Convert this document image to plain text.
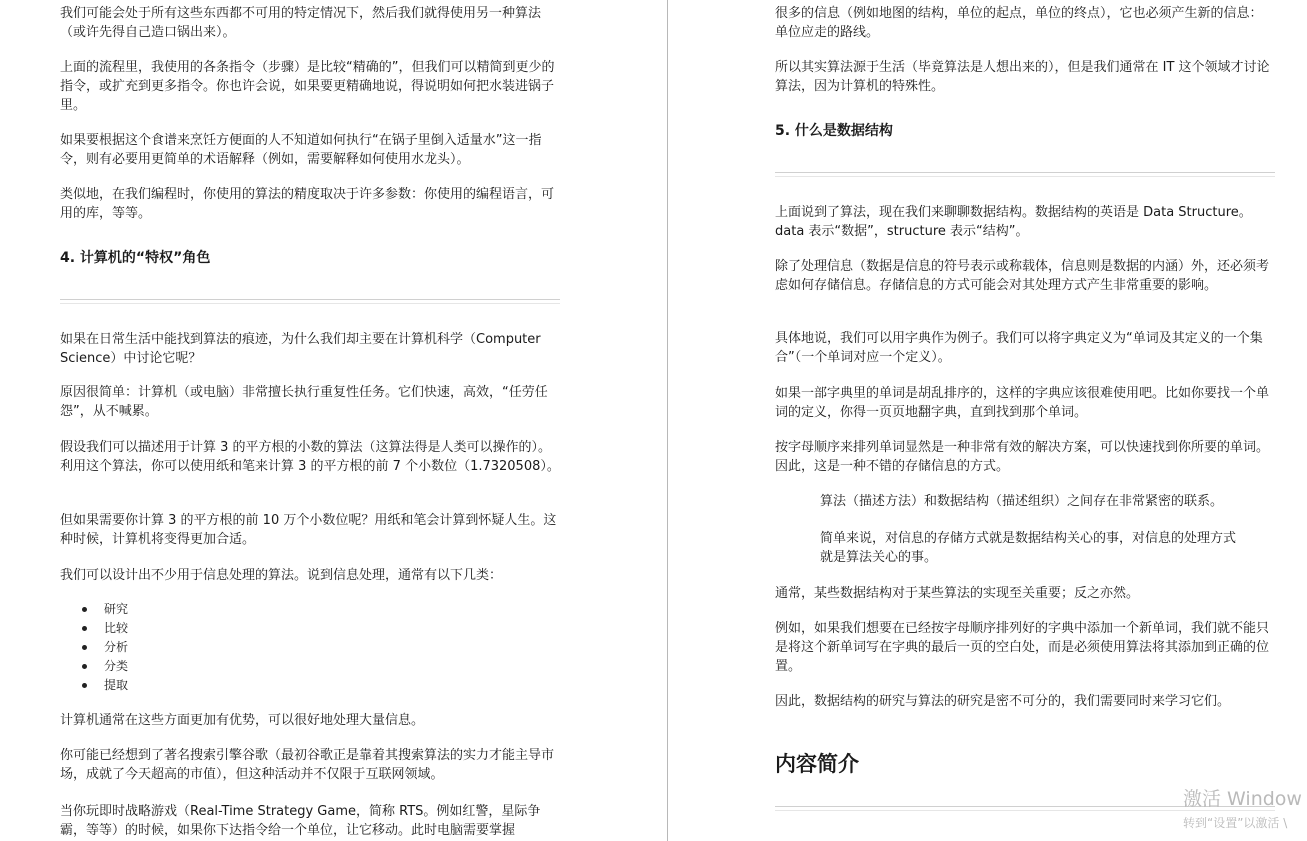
我们可能会处于所有这些东西都不可用的特定情况下，然后我们就得使用另一种算法（或许先得自己造口锅出来）。

上面的流程里，我使用的各条指令（步骤）是比较“精确的”，但我们可以精简到更少的指令，或扩充到更多指令。你也许会说，如果要更精确地说，得说明如何把水装进锅子里。

如果要根据这个食谱来烹饪方便面的人不知道如何执行“在锅子里倒入适量水”这一指令，则有必要用更简单的术语解释（例如，需要解释如何使用水龙头）。

类似地，在我们编程时，你使用的算法的精度取决于许多参数：你使用的编程语言，可用的库，等等。

4. 计算机的“特权”角色

如果在日常生活中能找到算法的痕迹，为什么我们却主要在计算机科学（Computer Science）中讨论它呢？

原因很简单：计算机（或电脑）非常擅长执行重复性任务。它们快速，高效，“任劳任怨”，从不喊累。

假设我们可以描述用于计算 3 的平方根的小数的算法（这算法得是人类可以操作的）。利用这个算法，你可以使用纸和笔来计算 3 的平方根的前 7 个小数位（1.7320508）。

但如果需要你计算 3 的平方根的前 10 万个小数位呢？用纸和笔会计算到怀疑人生。这种时候，计算机将变得更加合适。

我们可以设计出不少用于信息处理的算法。说到信息处理，通常有以下几类：

研究
比较
分析
分类
提取

计算机通常在这些方面更加有优势，可以很好地处理大量信息。

你可能已经想到了著名搜索引擎谷歌（最初谷歌正是靠着其搜索算法的实力才能主导市场，成就了今天超高的市值），但这种活动并不仅限于互联网领域。

当你玩即时战略游戏（Real-Time Strategy Game，简称 RTS。例如红警，星际争霸，等等）的时候，如果你下达指令给一个单位，让它移动。此时电脑需要掌握

很多的信息（例如地图的结构，单位的起点，单位的终点），它也必须产生新的信息：单位应走的路线。

所以其实算法源于生活（毕竟算法是人想出来的），但是我们通常在 IT 这个领域才讨论算法，因为计算机的特殊性。

5. 什么是数据结构

上面说到了算法，现在我们来聊聊数据结构。数据结构的英语是 Data Structure。data 表示“数据”，structure 表示“结构”。

除了处理信息（数据是信息的符号表示或称载体，信息则是数据的内涵）外，还必须考虑如何存储信息。存储信息的方式可能会对其处理方式产生非常重要的影响。

具体地说，我们可以用字典作为例子。我们可以将字典定义为“单词及其定义的一个集合”（一个单词对应一个定义）。

如果一部字典里的单词是胡乱排序的，这样的字典应该很难使用吧。比如你要找一个单词的定义，你得一页页地翻字典，直到找到那个单词。

按字母顺序来排列单词显然是一种非常有效的解决方案，可以快速找到你所要的单词。因此，这是一种不错的存储信息的方式。

算法（描述方法）和数据结构（描述组织）之间存在非常紧密的联系。

简单来说，对信息的存储方式就是数据结构关心的事，对信息的处理方式就是算法关心的事。

通常，某些数据结构对于某些算法的实现至关重要；反之亦然。

例如，如果我们想要在已经按字母顺序排列好的字典中添加一个新单词，我们就不能只是将这个新单词写在字典的最后一页的空白处，而是必须使用算法将其添加到正确的位置。

因此，数据结构的研究与算法的研究是密不可分的，我们需要同时来学习它们。

内容简介
激活 Window
转到“设置”以激活 \
